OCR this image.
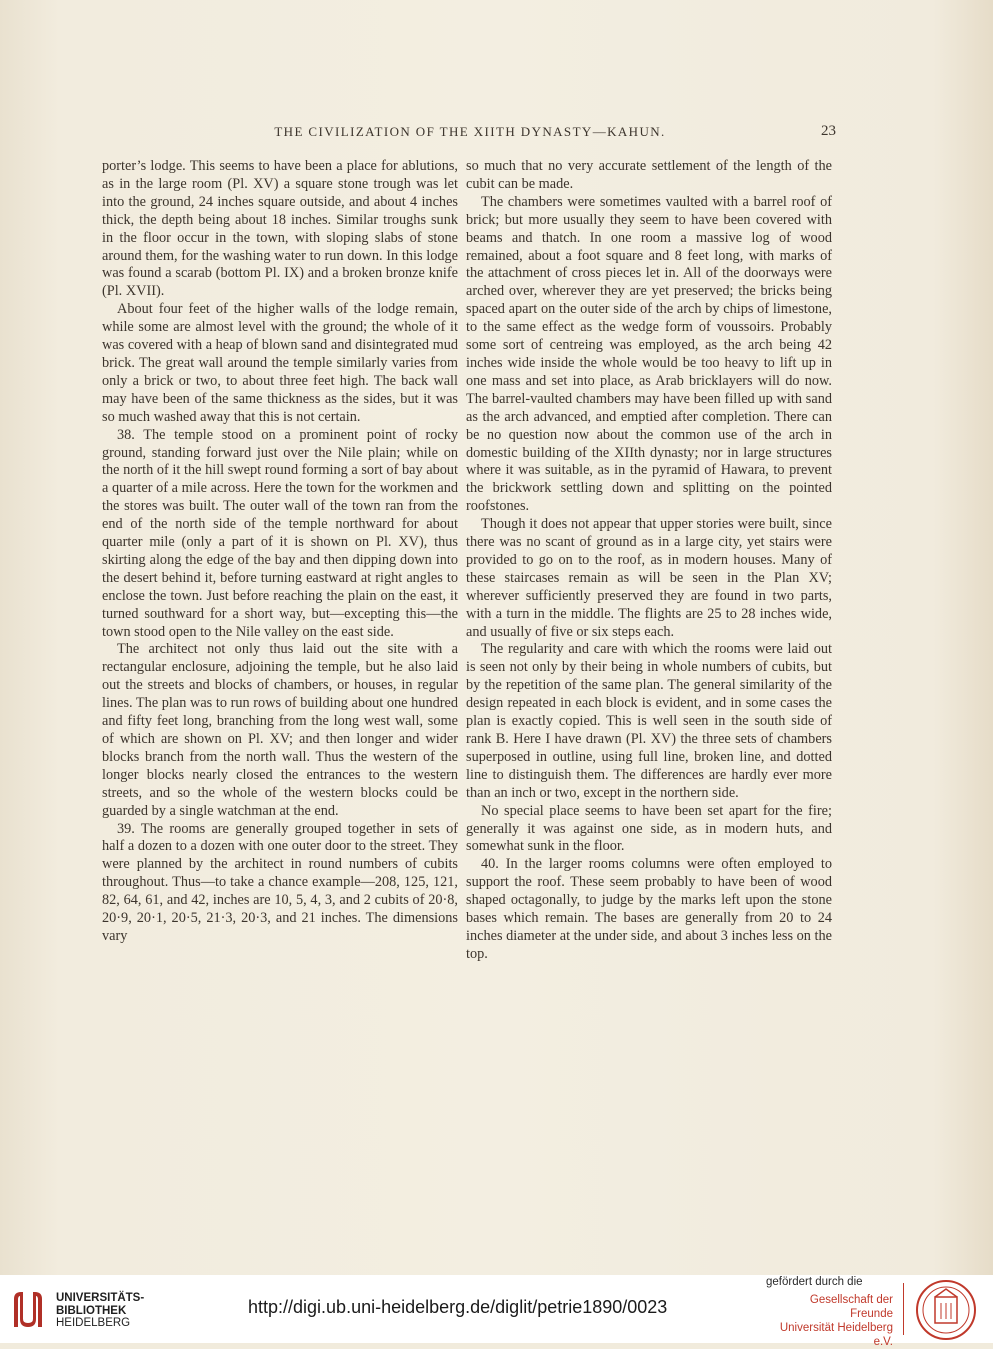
THE CIVILIZATION OF THE XIITH DYNASTY—KAHUN.	23

porter’s lodge. This seems to have been a place for ablutions, as in the large room (Pl. XV) a square stone trough was let into the ground, 24 inches square outside, and about 4 inches thick, the depth being about 18 inches. Similar troughs sunk in the floor occur in the town, with sloping slabs of stone around them, for the washing water to run down. In this lodge was found a scarab (bottom Pl. IX) and a broken bronze knife (Pl. XVII).

About four feet of the higher walls of the lodge remain, while some are almost level with the ground; the whole of it was covered with a heap of blown sand and disintegrated mud brick. The great wall around the temple similarly varies from only a brick or two, to about three feet high. The back wall may have been of the same thickness as the sides, but it was so much washed away that this is not certain.

38. The temple stood on a prominent point of rocky ground, standing forward just over the Nile plain; while on the north of it the hill swept round forming a sort of bay about a quarter of a mile across. Here the town for the workmen and the stores was built. The outer wall of the town ran from the end of the north side of the temple northward for about quarter mile (only a part of it is shown on Pl. XV), thus skirting along the edge of the bay and then dipping down into the desert behind it, before turning eastward at right angles to enclose the town. Just before reaching the plain on the east, it turned southward for a short way, but—excepting this—the town stood open to the Nile valley on the east side.

The architect not only thus laid out the site with a rectangular enclosure, adjoining the temple, but he also laid out the streets and blocks of chambers, or houses, in regular lines. The plan was to run rows of building about one hundred and fifty feet long, branching from the long west wall, some of which are shown on Pl. XV; and then longer and wider blocks branch from the north wall. Thus the western of the longer blocks nearly closed the entrances to the western streets, and so the whole of the western blocks could be guarded by a single watchman at the end.

39. The rooms are generally grouped together in sets of half a dozen to a dozen with one outer door to the street. They were planned by the architect in round numbers of cubits throughout. Thus—to take a chance example—208, 125, 121, 82, 64, 61, and 42, inches are 10, 5, 4, 3, and 2 cubits of 20·8, 20·9, 20·1, 20·5, 21·3, 20·3, and 21 inches. The dimensions vary

so much that no very accurate settlement of the length of the cubit can be made.

The chambers were sometimes vaulted with a barrel roof of brick; but more usually they seem to have been covered with beams and thatch. In one room a massive log of wood remained, about a foot square and 8 feet long, with marks of the attachment of cross pieces let in. All of the doorways were arched over, wherever they are yet preserved; the bricks being spaced apart on the outer side of the arch by chips of limestone, to the same effect as the wedge form of voussoirs. Probably some sort of centreing was employed, as the arch being 42 inches wide inside the whole would be too heavy to lift up in one mass and set into place, as Arab bricklayers will do now. The barrel-vaulted chambers may have been filled up with sand as the arch advanced, and emptied after completion. There can be no question now about the common use of the arch in domestic building of the XIIth dynasty; nor in large structures where it was suitable, as in the pyramid of Hawara, to prevent the brickwork settling down and splitting on the pointed roofstones.

Though it does not appear that upper stories were built, since there was no scant of ground as in a large city, yet stairs were provided to go on to the roof, as in modern houses. Many of these staircases remain as will be seen in the Plan XV; wherever sufficiently preserved they are found in two parts, with a turn in the middle. The flights are 25 to 28 inches wide, and usually of five or six steps each.

The regularity and care with which the rooms were laid out is seen not only by their being in whole numbers of cubits, but by the repetition of the same plan. The general similarity of the design repeated in each block is evident, and in some cases the plan is exactly copied. This is well seen in the south side of rank B. Here I have drawn (Pl. XV) the three sets of chambers superposed in outline, using full line, broken line, and dotted line to distinguish them. The differences are hardly ever more than an inch or two, except in the northern side.

No special place seems to have been set apart for the fire; generally it was against one side, as in modern huts, and somewhat sunk in the floor.

40. In the larger rooms columns were often employed to support the roof. These seem probably to have been of wood shaped octagonally, to judge by the marks left upon the stone bases which remain. The bases are generally from 20 to 24 inches diameter at the under side, and about 3 inches less on the top.

UNIVERSITÄTS-
BIBLIOTHEK
HEIDELBERG
http://digi.ub.uni-heidelberg.de/diglit/petrie1890/0023
gefördert durch die
Gesellschaft der Freunde
Universität Heidelberg e.V.
